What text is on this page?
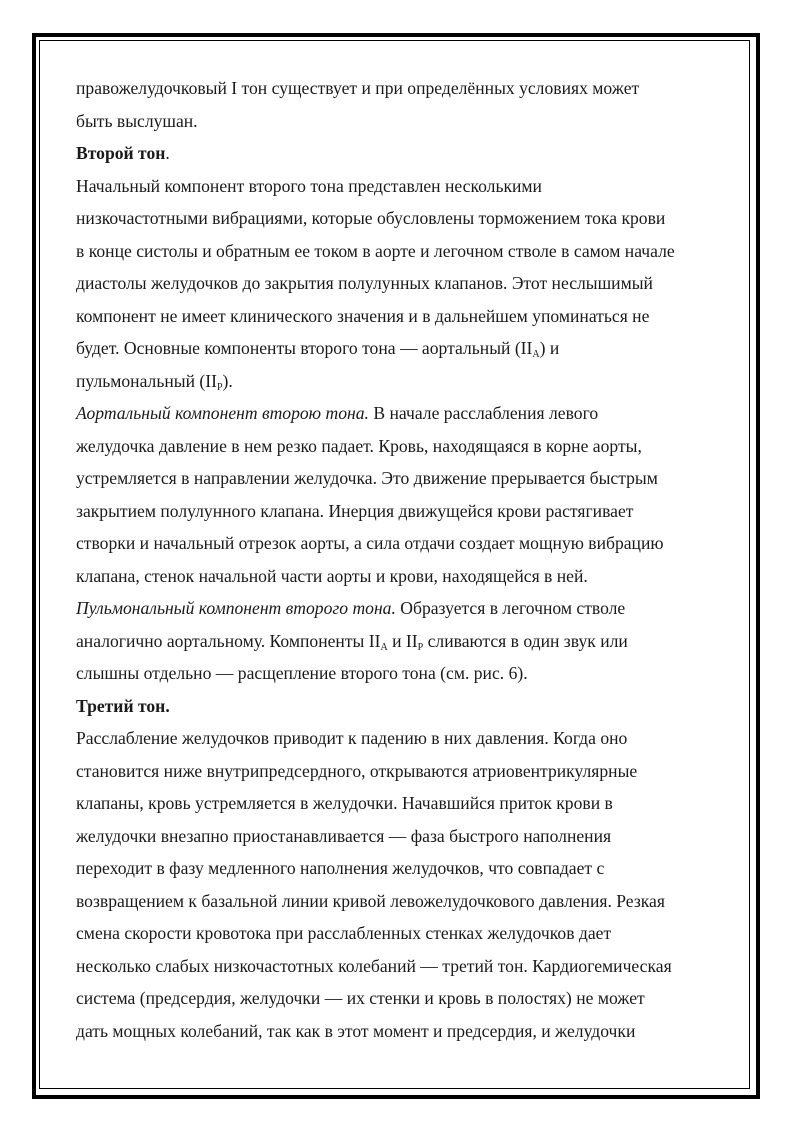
правожелудочковый I тон существует и при определённых условиях может
быть выслушан.
Второй тон.
Начальный компонент второго тона представлен несколькими
низкочастотными вибрациями, которые обусловлены торможением тока крови
в конце систолы и обратным ее током в аорте и легочном стволе в самом начале
диастолы желудочков до закрытия полулунных клапанов. Этот неслышимый
компонент не имеет клинического значения и в дальнейшем упоминаться не
будет. Основные компоненты второго тона — аортальный $(II_A)$ и
пульмональный $(II_P)$.
Аортальный компонент второю тона. В начале расслабления левого
желудочка давление в нем резко падает. Кровь, находящаяся в корне аорты,
устремляется в направлении желудочка. Это движение прерывается быстрым
закрытием полулунного клапана. Инерция движущейся крови растягивает
створки и начальный отрезок аорты, а сила отдачи создает мощную вибрацию
клапана, стенок начальной части аорты и крови, находящейся в ней.
Пульмональный компонент второго тона. Образуется в легочном стволе
аналогично аортальному. Компоненты $II_A$ и $II_P$ сливаются в один звук или
слышны отдельно — расщепление второго тона (см. рис. 6).
Третий тон.
Расслабление желудочков приводит к падению в них давления. Когда оно
становится ниже внутрипредсердного, открываются атриовентрикулярные
клапаны, кровь устремляется в желудочки. Начавшийся приток крови в
желудочки внезапно приостанавливается — фаза быстрого наполнения
переходит в фазу медленного наполнения желудочков, что совпадает с
возвращением к базальной линии кривой левожелудочкового давления. Резкая
смена скорости кровотока при расслабленных стенках желудочков дает
несколько слабых низкочастотных колебаний — третий тон. Кардиогемическая
система (предсердия, желудочки — их стенки и кровь в полостях) не может
дать мощных колебаний, так как в этот момент и предсердия, и желудочки
